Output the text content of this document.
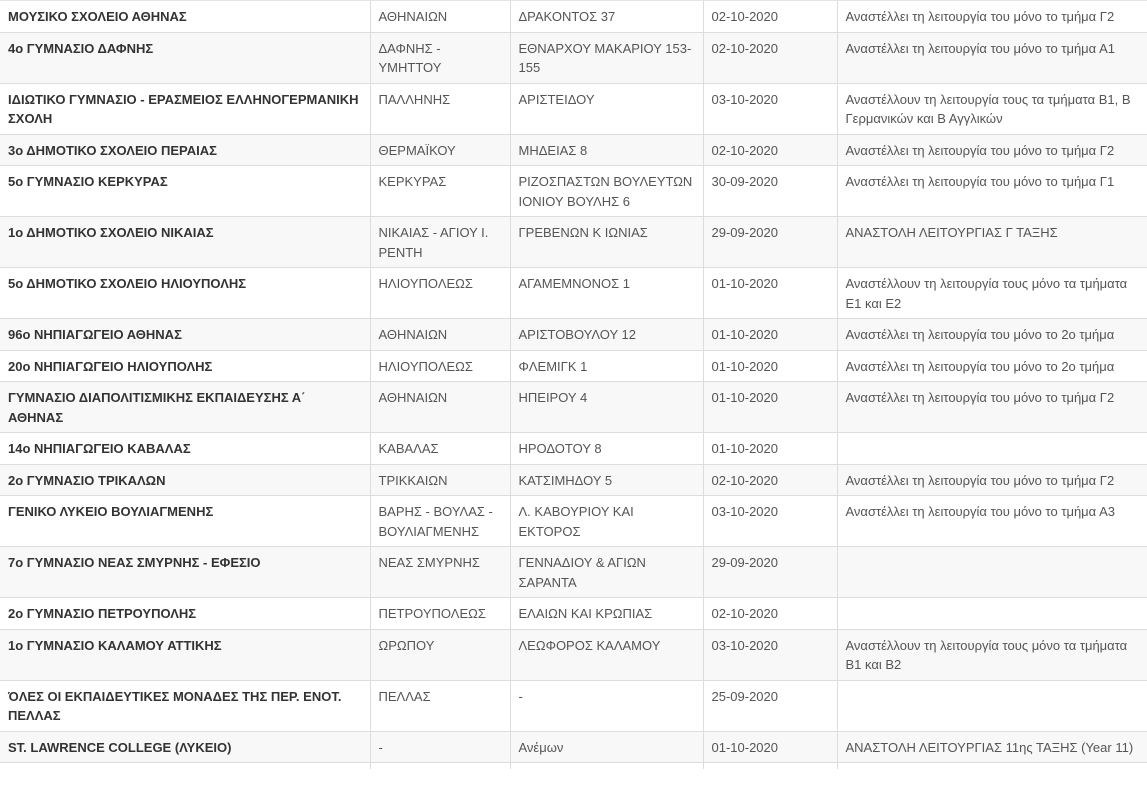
ΜΟΥΣΙΚΟ ΣΧΟΛΕΙΟ ΑΘΗΝΑΣ	ΑΘΗΝΑΙΩΝ	ΔΡΑΚΟΝΤΟΣ 37	02-10-2020	Αναστέλλει τη λειτουργία του μόνο το τμήμα Γ2
4ο ΓΥΜΝΑΣΙΟ ΔΑΦΝΗΣ	ΔΑΦΝΗΣ - ΥΜΗΤΤΟΥ	ΕΘΝΑΡΧΟΥ ΜΑΚΑΡΙΟΥ 153-155	02-10-2020	Αναστέλλει τη λειτουργία του μόνο το τμήμα Α1
ΙΔΙΩΤΙΚΟ ΓΥΜΝΑΣΙΟ - ΕΡΑΣΜΕΙΟΣ ΕΛΛΗΝΟΓΕΡΜΑΝΙΚΗ ΣΧΟΛΗ	ΠΑΛΛΗΝΗΣ	ΑΡΙΣΤΕΙΔΟΥ	03-10-2020	Αναστέλλουν τη λειτουργία τους τα τμήματα Β1, Β Γερμανικών και Β Αγγλικών
3ο ΔΗΜΟΤΙΚΟ ΣΧΟΛΕΙΟ ΠΕΡΑΙΑΣ	ΘΕΡΜΑΪΚΟΥ	ΜΗΔΕΙΑΣ 8	02-10-2020	Αναστέλλει τη λειτουργία του μόνο το τμήμα Γ2
5ο ΓΥΜΝΑΣΙΟ ΚΕΡΚΥΡΑΣ	ΚΕΡΚΥΡΑΣ	ΡΙΖΟΣΠΑΣΤΩΝ ΒΟΥΛΕΥΤΩΝ ΙΟΝΙΟΥ ΒΟΥΛΗΣ 6	30-09-2020	Αναστέλλει τη λειτουργία του μόνο το τμήμα Γ1
1ο ΔΗΜΟΤΙΚΟ ΣΧΟΛΕΙΟ ΝΙΚΑΙΑΣ	ΝΙΚΑΙΑΣ - ΑΓΙΟΥ Ι. ΡΕΝΤΗ	ΓΡΕΒΕΝΩΝ Κ ΙΩΝΙΑΣ	29-09-2020	ΑΝΑΣΤΟΛΗ ΛΕΙΤΟΥΡΓΙΑΣ Γ ΤΑΞΗΣ
5ο ΔΗΜΟΤΙΚΟ ΣΧΟΛΕΙΟ ΗΛΙΟΥΠΟΛΗΣ	ΗΛΙΟΥΠΟΛΕΩΣ	ΑΓΑΜΕΜΝΟΝΟΣ 1	01-10-2020	Αναστέλλουν τη λειτουργία τους μόνο τα τμήματα Ε1 και Ε2
96ο ΝΗΠΙΑΓΩΓΕΙΟ ΑΘΗΝΑΣ	ΑΘΗΝΑΙΩΝ	ΑΡΙΣΤΟΒΟΥΛΟΥ 12	01-10-2020	Αναστέλλει τη λειτουργία του μόνο το 2ο τμήμα
20ο ΝΗΠΙΑΓΩΓΕΙΟ ΗΛΙΟΥΠΟΛΗΣ	ΗΛΙΟΥΠΟΛΕΩΣ	ΦΛΕΜΙΓΚ 1	01-10-2020	Αναστέλλει τη λειτουργία του μόνο το 2ο τμήμα
ΓΥΜΝΑΣΙΟ ΔΙΑΠΟΛΙΤΙΣΜΙΚΗΣ ΕΚΠΑΙΔΕΥΣΗΣ Α΄ ΑΘΗΝΑΣ	ΑΘΗΝΑΙΩΝ	ΗΠΕΙΡΟΥ 4	01-10-2020	Αναστέλλει τη λειτουργία του μόνο το τμήμα Γ2
14ο ΝΗΠΙΑΓΩΓΕΙΟ ΚΑΒΑΛΑΣ	ΚΑΒΑΛΑΣ	ΗΡΟΔΟΤΟΥ 8	01-10-2020	
2ο ΓΥΜΝΑΣΙΟ ΤΡΙΚΑΛΩΝ	ΤΡΙΚΚΑΙΩΝ	ΚΑΤΣΙΜΗΔΟΥ 5	02-10-2020	Αναστέλλει τη λειτουργία του μόνο το τμήμα Γ2
ΓΕΝΙΚΟ ΛΥΚΕΙΟ ΒΟΥΛΙΑΓΜΕΝΗΣ	ΒΑΡΗΣ - ΒΟΥΛΑΣ - ΒΟΥΛΙΑΓΜΕΝΗΣ	Λ. ΚΑΒΟΥΡΙΟΥ ΚΑΙ ΕΚΤΟΡΟΣ	03-10-2020	Αναστέλλει τη λειτουργία του μόνο το τμήμα Α3
7ο ΓΥΜΝΑΣΙΟ ΝΕΑΣ ΣΜΥΡΝΗΣ - ΕΦΕΣΙΟ	ΝΕΑΣ ΣΜΥΡΝΗΣ	ΓΕΝΝΑΔΙΟΥ & ΑΓΙΩΝ ΣΑΡΑΝΤΑ	29-09-2020	
2ο ΓΥΜΝΑΣΙΟ ΠΕΤΡΟΥΠΟΛΗΣ	ΠΕΤΡΟΥΠΟΛΕΩΣ	ΕΛΑΙΩΝ ΚΑΙ ΚΡΩΠΙΑΣ	02-10-2020	
1ο ΓΥΜΝΑΣΙΟ ΚΑΛΑΜΟΥ ΑΤΤΙΚΗΣ	ΩΡΩΠΟΥ	ΛΕΩΦΟΡΟΣ ΚΑΛΑΜΟΥ	03-10-2020	Αναστέλλουν τη λειτουργία τους μόνο τα τμήματα Β1 και Β2
ΌΛΕΣ ΟΙ ΕΚΠΑΙΔΕΥΤΙΚΕΣ ΜΟΝΑΔΕΣ ΤΗΣ ΠΕΡ. ΕΝΟΤ. ΠΕΛΛΑΣ	ΠΕΛΛΑΣ	-	25-09-2020	
ST. LAWRENCE COLLEGE (ΛΥΚΕΙΟ)	-	Ανέμων	01-10-2020	ΑΝΑΣΤΟΛΗ ΛΕΙΤΟΥΡΓΙΑΣ 11ης ΤΑΞΗΣ (Year 11)
